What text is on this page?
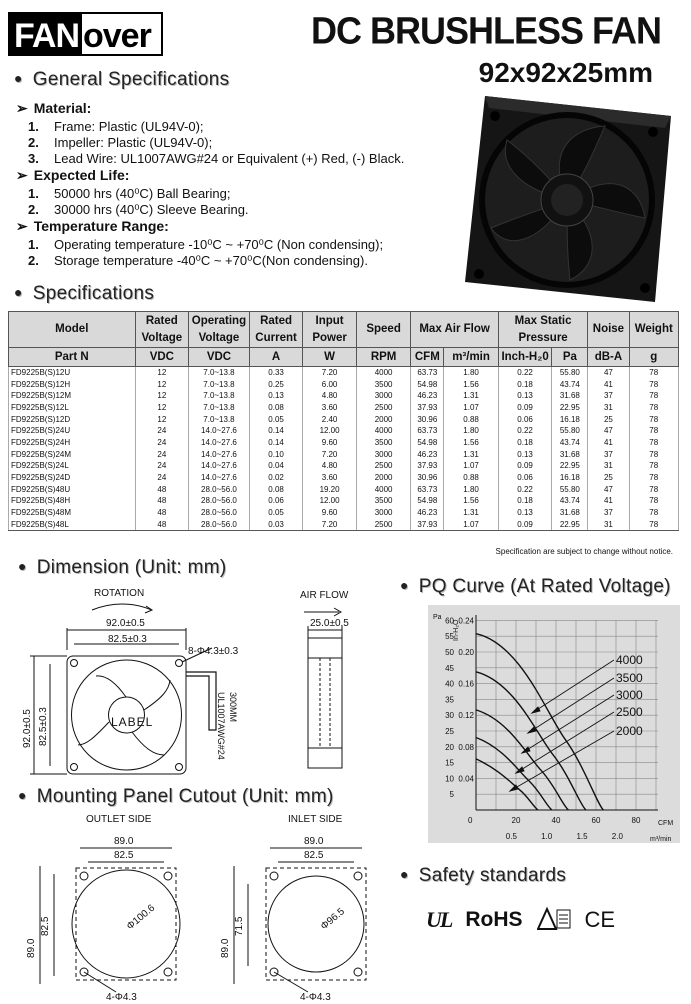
FAN over	DC BRUSHLESS FAN
92x92x25mm
● General Specifications
➢ Material:
1. Frame: Plastic (UL94V-0);
2. Impeller: Plastic (UL94V-0);
3. Lead Wire: UL1007AWG#24 or Equivalent (+) Red, (-) Black.
➢ Expected Life:
1. 50000 hrs (40⁰C) Ball Bearing;
2. 30000 hrs (40⁰C) Sleeve Bearing.
➢ Temperature Range:
1. Operating temperature -10⁰C ~ +70⁰C (Non condensing);
2. Storage temperature -40⁰C ~ +70⁰C(Non condensing).
● Specifications
Model	Rated Voltage	Operating Voltage	Rated Current	Input Power	Speed	Max Air Flow		Max Static Pressure		Noise	Weight
Part N	VDC	VDC	A	W	RPM	CFM	m³/min	Inch-H₂0	Pa	dB-A	g
FD9225B(S)12U	12	7.0~13.8	0.33	7.20	4000	63.73	1.80	0.22	55.80	47	78
FD9225B(S)12H	12	7.0~13.8	0.25	6.00	3500	54.98	1.56	0.18	43.74	41	78
FD9225B(S)12M	12	7.0~13.8	0.13	4.80	3000	46.23	1.31	0.13	31.68	37	78
FD9225B(S)12L	12	7.0~13.8	0.08	3.60	2500	37.93	1.07	0.09	22.95	31	78
FD9225B(S)12D	12	7.0~13.8	0.05	2.40	2000	30.96	0.88	0.06	16.18	25	78
FD9225B(S)24U	24	14.0~27.6	0.14	12.00	4000	63.73	1.80	0.22	55.80	47	78
FD9225B(S)24H	24	14.0~27.6	0.14	9.60	3500	54.98	1.56	0.18	43.74	41	78
FD9225B(S)24M	24	14.0~27.6	0.10	7.20	3000	46.23	1.31	0.13	31.68	37	78
FD9225B(S)24L	24	14.0~27.6	0.04	4.80	2500	37.93	1.07	0.09	22.95	31	78
FD9225B(S)24D	24	14.0~27.6	0.02	3.60	2000	30.96	0.88	0.06	16.18	25	78
FD9225B(S)48U	48	28.0~56.0	0.08	19.20	4000	63.73	1.80	0.22	55.80	47	78
FD9225B(S)48H	48	28.0~56.0	0.06	12.00	3500	54.98	1.56	0.18	43.74	41	78
FD9225B(S)48M	48	28.0~56.0	0.05	9.60	3000	46.23	1.31	0.13	31.68	37	78
FD9225B(S)48L	48	28.0~56.0	0.03	7.20	2500	37.93	1.07	0.09	22.95	31	78
Specification are subject to change without notice.
● Dimension (Unit: mm)
ROTATION	AIR FLOW
92.0±0.5
82.5±0.3
8-Φ4.3±0.3
LABEL
25.0±0.5
92.0±0.5 82.5±0.3	UL1007AWG#24 300MM
● PQ Curve (At Rated Voltage)
60
55
50
45
40
35
30
25
20
15
10
5
0.24
0.20
0.16
0.12
0.08
0.04
20	40	60	80
0.5	1.0	1.5	2.0
Pa
In-H₂O
CFM
m³/min
0
4000
3500
3000
2500
2000
● Mounting Panel Cutout (Unit: mm)
OUTLET SIDE
89.0
82.5
89.0
82.5	Φ100.6
4-Φ4.3
INLET SIDE
89.0
82.5
89.0
71.5	Φ96.5
4-Φ4.3
● Safety standards
UL RoHS	CE
